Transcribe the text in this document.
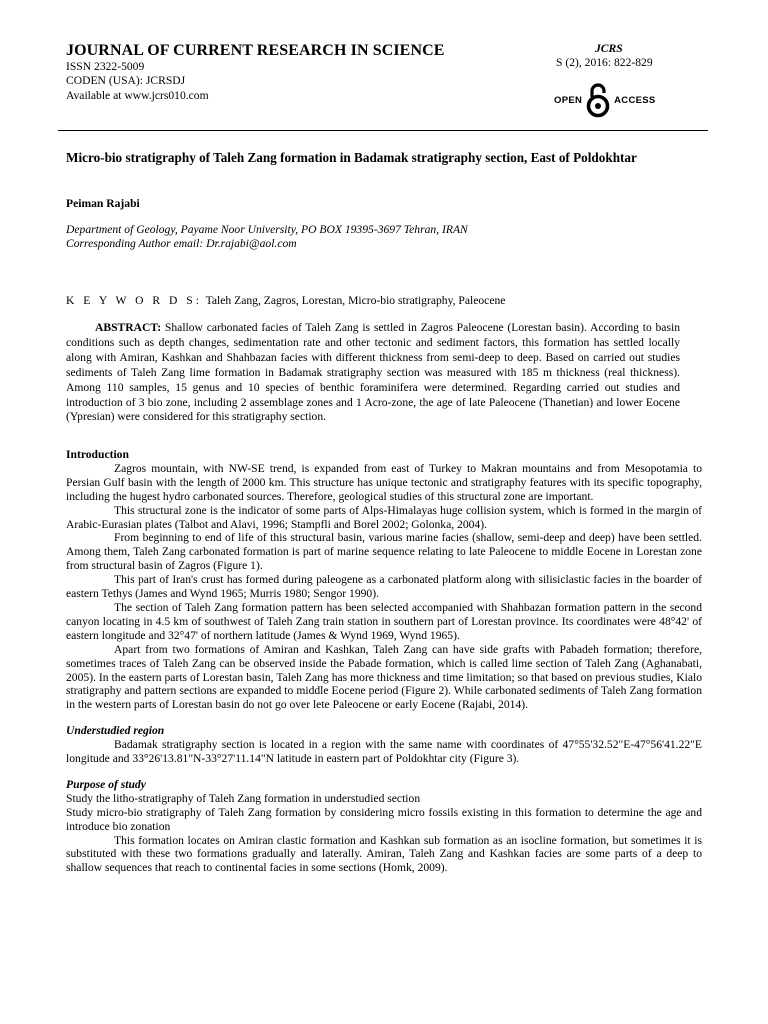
JOURNAL OF CURRENT RESEARCH IN SCIENCE
ISSN 2322-5009
CODEN (USA): JCRSDJ
Available at www.jcrs010.com
JCRS
S (2), 2016: 822-829
OPEN	ACCESS
Micro-bio stratigraphy of Taleh Zang formation in Badamak stratigraphy section, East of Poldokhtar
Peiman Rajabi
Department of Geology, Payame Noor University, PO BOX 19395-3697 Tehran, IRAN
Corresponding Author email: Dr.rajabi@aol.com
K E Y W O R D S: Taleh Zang, Zagros, Lorestan, Micro-bio stratigraphy, Paleocene
ABSTRACT: Shallow carbonated facies of Taleh Zang is settled in Zagros Paleocene (Lorestan basin). According to basin conditions such as depth changes, sedimentation rate and other tectonic and sediment factors, this formation has settled locally along with Amiran, Kashkan and Shahbazan facies with different thickness from semi-deep to deep. Based on carried out studies sediments of Taleh Zang lime formation in Badamak stratigraphy section was measured with 185 m thickness (real thickness). Among 110 samples, 15 genus and 10 species of benthic foraminifera were determined. Regarding carried out studies and introduction of 3 bio zone, including 2 assemblage zones and 1 Acro-zone, the age of late Paleocene (Thanetian) and lower Eocene (Ypresian) were considered for this stratigraphy section.

Introduction

Zagros mountain, with NW-SE trend, is expanded from east of Turkey to Makran mountains and from Mesopotamia to Persian Gulf basin with the length of 2000 km. This structure has unique tectonic and stratigraphy features with its specific topography, including the hugest hydro carbonated sources. Therefore, geological studies of this structural zone are important.

This structural zone is the indicator of some parts of Alps-Himalayas huge collision system, which is formed in the margin of Arabic-Eurasian plates (Talbot and Alavi, 1996; Stampfli and Borel 2002; Golonka, 2004).

From beginning to end of life of this structural basin, various marine facies (shallow, semi-deep and deep) have been settled. Among them, Taleh Zang carbonated formation is part of marine sequence relating to late Paleocene to middle Eocene in Lorestan zone from structural basin of Zagros (Figure 1).

This part of Iran's crust has formed during paleogene as a carbonated platform along with silisiclastic facies in the boarder of eastern Tethys (James and Wynd 1965; Murris 1980; Sengor 1990).

The section of Taleh Zang formation pattern has been selected accompanied with Shahbazan formation pattern in the second canyon locating in 4.5 km of southwest of Taleh Zang train station in southern part of Lorestan province. Its coordinates were 48°42' of eastern longitude and 32°47' of northern latitude (James & Wynd 1969, Wynd 1965).

Apart from two formations of Amiran and Kashkan, Taleh Zang can have side grafts with Pabadeh formation; therefore, sometimes traces of Taleh Zang can be observed inside the Pabade formation, which is called lime section of Taleh Zang (Aghanabati, 2005). In the eastern parts of Lorestan basin, Taleh Zang has more thickness and time limitation; so that based on previous studies, Kialo stratigraphy and pattern sections are expanded to middle Eocene period (Figure 2). While carbonated sediments of Taleh Zang formation in the western parts of Lorestan basin do not go over lete Paleocene or early Eocene (Rajabi, 2014).

Understudied region

Badamak stratigraphy section is located in a region with the same name with coordinates of 47°55'32.52"E-47°56'41.22"E longitude and 33°26'13.81"N-33°27'11.14"N latitude in eastern part of Poldokhtar city (Figure 3).

Purpose of study

Study the litho-stratigraphy of Taleh Zang formation in understudied section

Study micro-bio stratigraphy of Taleh Zang formation by considering micro fossils existing in this formation to determine the age and introduce bio zonation

This formation locates on Amiran clastic formation and Kashkan sub formation as an isocline formation, but sometimes it is substituted with these two formations gradually and laterally. Amiran, Taleh Zang and Kashkan facies are some parts of a deep to shallow sequences that reach to continental facies in some sections (Homk, 2009).
